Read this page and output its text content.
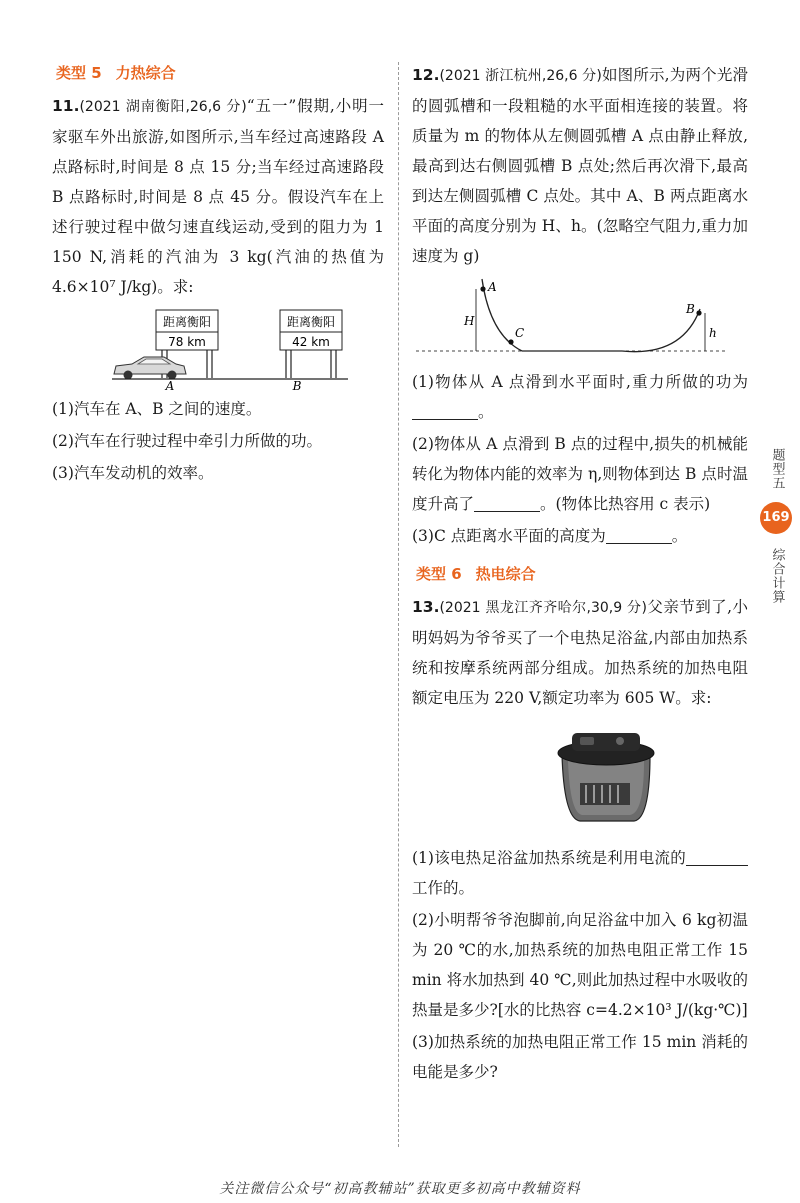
类型 5 力热综合

11.(2021 湖南衡阳,26,6 分)“五一”假期,小明一家驱车外出旅游,如图所示,当车经过高速路段 A 点路标时,时间是 8 点 15 分;当车经过高速路段 B 点路标时,时间是 8 点 45 分。假设汽车在上述行驶过程中做匀速直线运动,受到的阻力为 1 150 N,消耗的汽油为 3 kg(汽油的热值为 4.6×10⁷ J/kg)。求:

距离衡阳
78 km
距离衡阳
42 km
A	B

(1)汽车在 A、B 之间的速度。

(2)汽车在行驶过程中牵引力所做的功。

(3)汽车发动机的效率。

12.(2021 浙江杭州,26,6 分)如图所示,为两个光滑的圆弧槽和一段粗糙的水平面相连接的装置。将质量为 m 的物体从左侧圆弧槽 A 点由静止释放,最高到达右侧圆弧槽 B 点处;然后再次滑下,最高到达左侧圆弧槽 C 点处。其中 A、B 两点距离水平面的高度分别为 H、h。(忽略空气阻力,重力加速度为 g)

A
C
B
H
h

(1)物体从 A 点滑到水平面时,重力所做的功为。

(2)物体从 A 点滑到 B 点的过程中,损失的机械能转化为物体内能的效率为 η,则物体到达 B 点时温度升高了	。(物体比热容用 c 表示)

(3)C 点距离水平面的高度为	。

类型 6 热电综合

13.(2021 黑龙江齐齐哈尔,30,9 分)父亲节到了,小明妈妈为爷爷买了一个电热足浴盆,内部由加热系统和按摩系统两部分组成。加热系统的加热电阻额定电压为 220 V,额定功率为 605 W。求:

(1)该电热足浴盆加热系统是利用电流的工作的。

(2)小明帮爷爷泡脚前,向足浴盆中加入 6 kg初温为 20 ℃的水,加热系统的加热电阻正常工作 15 min 将水加热到 40 ℃,则此加热过程中水吸收的热量是多少?[水的比热容 c=4.2×10³ J/(kg·℃)]

(3)加热系统的加热电阻正常工作 15 min 消耗的电能是多少?

题型五
169
综合计算
关注微信公众号“初高教辅站”获取更多初高中教辅资料
